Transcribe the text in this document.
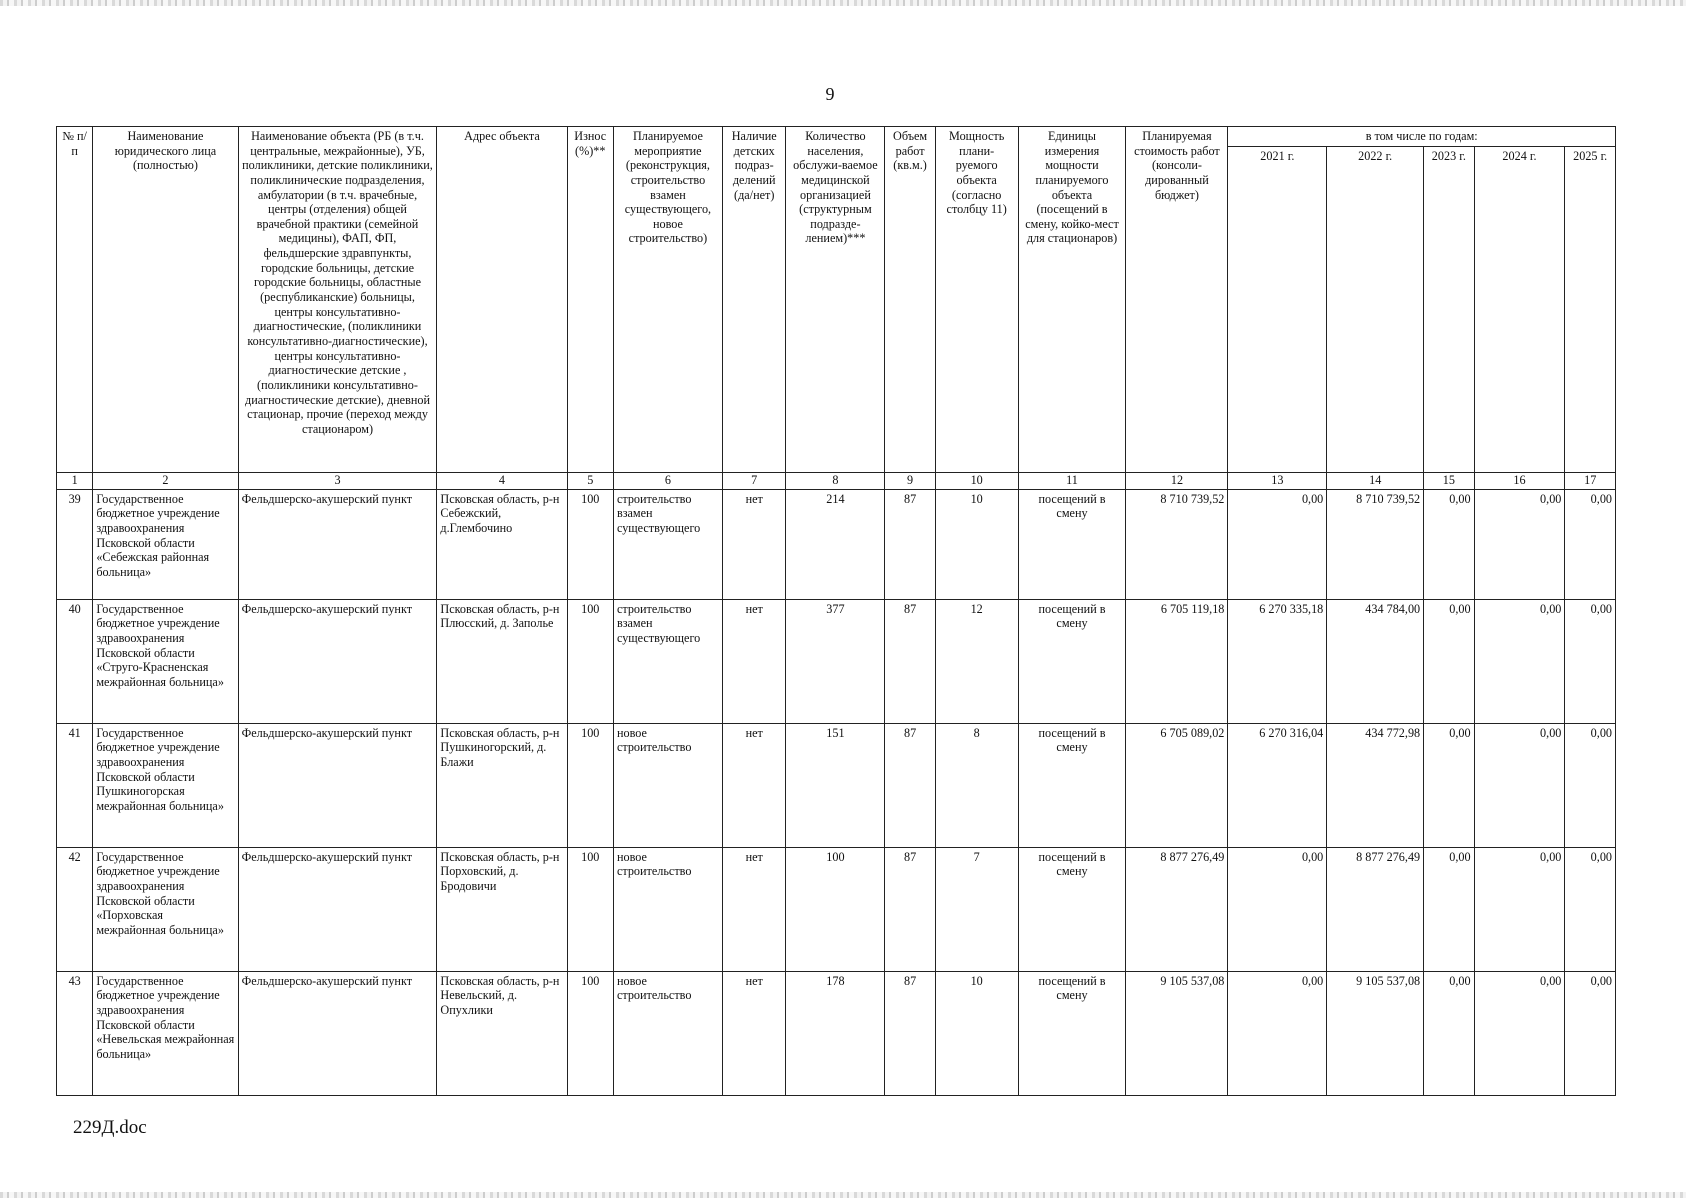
9
№ п/п	Наименование юридического лица (полностью)	Наименование объекта (РБ (в т.ч. центральные, межрайонные), УБ, поликлиники, детские поликлиники, поликлинические подразделения, амбулатории (в т.ч. врачебные, центры (отделения) общей врачебной практики (семейной медицины), ФАП, ФП, фельдшерские здравпункты, городские больницы, детские городские больницы, областные (республиканские) больницы, центры консультативно-диагностические, (поликлиники консультативно-диагностические), центры консультативно-диагностические детские , (поликлиники консультативно-диагностические детские), дневной стационар, прочие (переход между стационаром)	Адрес объекта	Износ (%)**	Планируемое мероприятие (реконструкция, строительство взамен существующего, новое строительство)	Наличие детских подраз-делений (да/нет)	Количество населения, обслужи-ваемое медицинской организацией (структурным подразде-лением)***	Объем работ (кв.м.)	Мощность плани-руемого объекта (согласно столбцу 11)	Единицы измерения мощности планируемого объекта (посещений в смену, койко-мест для стационаров)	Планируемая стоимость работ (консоли-дированный бюджет)	в том числе по годам:				
												2021 г.	2022 г.	2023 г.	2024 г.	2025 г.
1	2	3	4	5	6	7	8	9	10	11	12	13	14	15	16	17
39	Государственное бюджетное учреждение здравоохранения Псковской области «Себежская районная больница»	Фельдшерско-акушерский пункт	Псковская область, р-н Себежский, д.Глембочино	100	строительство взамен существующего	нет	214	87	10	посещений в смену	8 710 739,52	0,00	8 710 739,52	0,00	0,00	0,00
40	Государственное бюджетное учреждение здравоохранения Псковской области «Струго-Красненская межрайонная больница»	Фельдшерско-акушерский пункт	Псковская область, р-н Плюсский, д. Заполье	100	строительство взамен существующего	нет	377	87	12	посещений в смену	6 705 119,18	6 270 335,18	434 784,00	0,00	0,00	0,00
41	Государственное бюджетное учреждение здравоохранения Псковской области Пушкиногорская межрайонная больница»	Фельдшерско-акушерский пункт	Псковская область, р-н Пушкиногорский, д. Блажи	100	новое строительство	нет	151	87	8	посещений в смену	6 705 089,02	6 270 316,04	434 772,98	0,00	0,00	0,00
42	Государственное бюджетное учреждение здравоохранения Псковской области «Порховская межрайонная больница»	Фельдшерско-акушерский пункт	Псковская область, р-н Порховский, д. Бродовичи	100	новое строительство	нет	100	87	7	посещений в смену	8 877 276,49	0,00	8 877 276,49	0,00	0,00	0,00
43	Государственное бюджетное учреждение здравоохранения Псковской области «Невельская межрайонная больница»	Фельдшерско-акушерский пункт	Псковская область, р-н Невельский, д. Опухлики	100	новое строительство	нет	178	87	10	посещений в смену	9 105 537,08	0,00	9 105 537,08	0,00	0,00	0,00
229Д.doc
